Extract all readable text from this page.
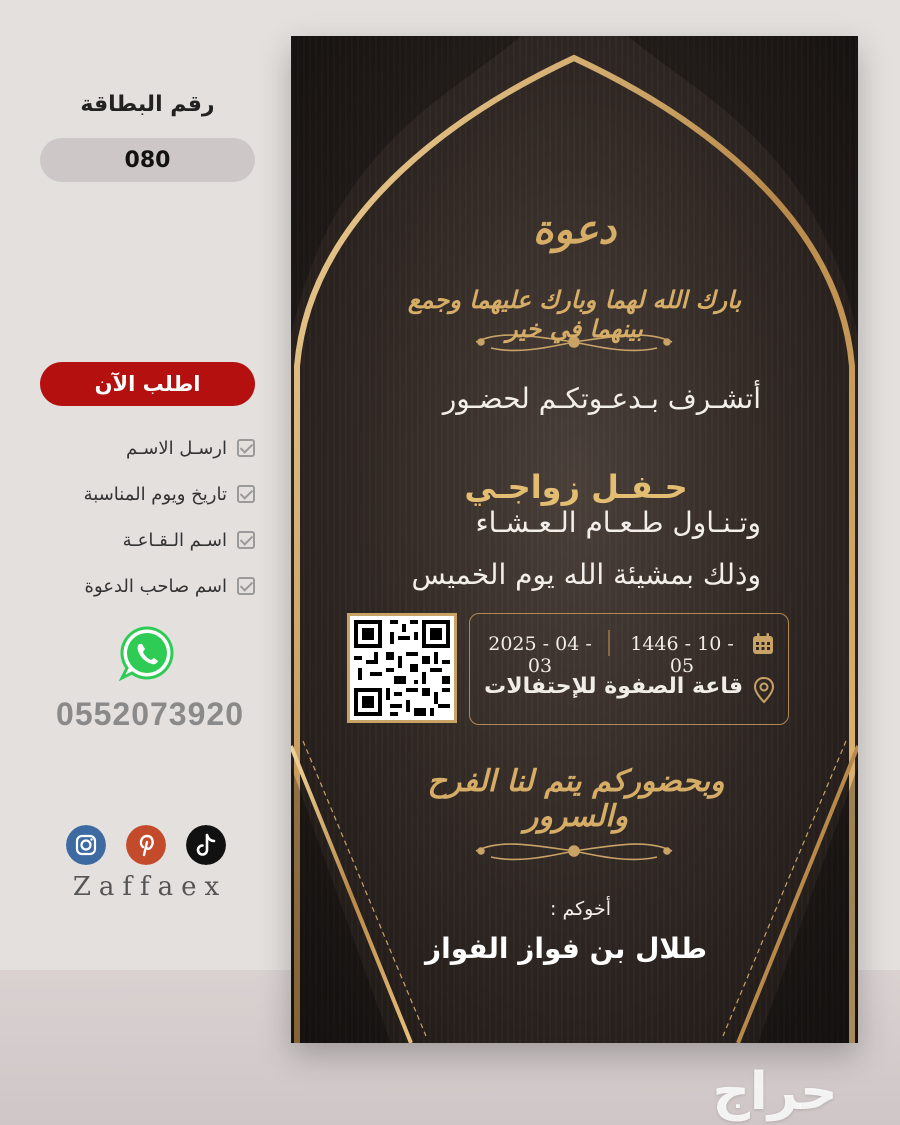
رقم البطاقة
080
اطلب الآن
ارسـل الاسـم
تاريخ ويوم المناسبة
اسـم الـقـاعـة
اسم صاحب الدعوة
0552073920
Zaffaex
دعوة
بارك الله لهما وبارك عليهما وجمع بينهما في خير
أتشـرف بـدعـوتكـم لحضـور
حـفـل زواجـي
وتـنـاول طـعـام الـعـشـاء
وذلك بمشيئة الله يوم الخميس
1446 - 10 - 05
2025 - 04 - 03
قاعة الصفوة للإحتفالات
وبحضوركم يتم لنا الفرح والسرور
أخوكم :
طلال بن فواز الفواز
حراج
